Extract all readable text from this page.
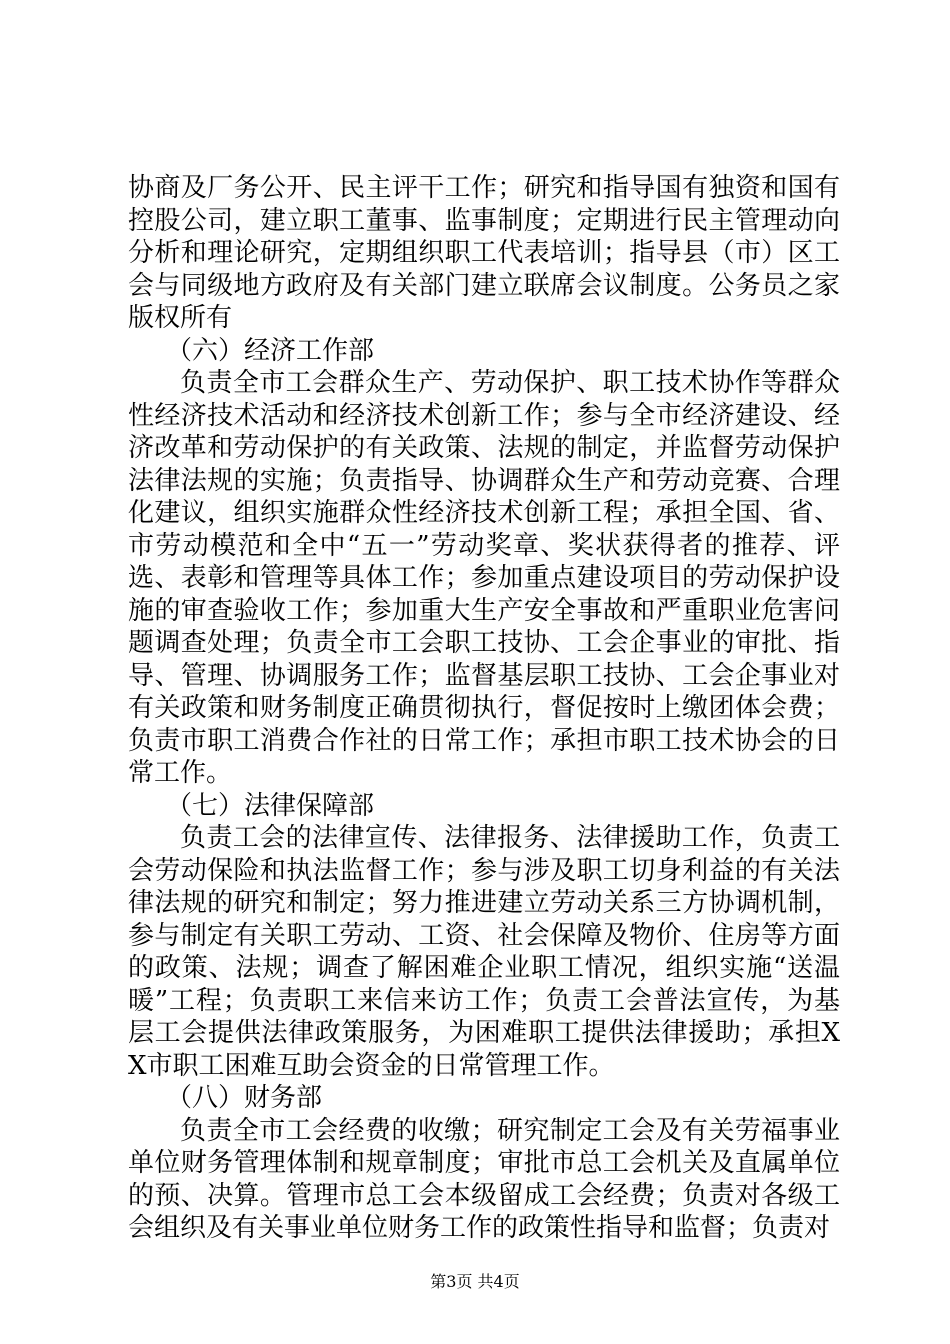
协商及厂务公开、民主评干工作；研究和指导国有独资和国有控股公司，建立职工董事、监事制度；定期进行民主管理动向分析和理论研究，定期组织职工代表培训；指导县（市）区工会与同级地方政府及有关部门建立联席会议制度。公务员之家版权所有

（六）经济工作部

负责全市工会群众生产、劳动保护、职工技术协作等群众性经济技术活动和经济技术创新工作；参与全市经济建设、经济改革和劳动保护的有关政策、法规的制定，并监督劳动保护法律法规的实施；负责指导、协调群众生产和劳动竞赛、合理化建议，组织实施群众性经济技术创新工程；承担全国、省、市劳动模范和全中“五一”劳动奖章、奖状获得者的推荐、评选、表彰和管理等具体工作；参加重点建设项目的劳动保护设施的审查验收工作；参加重大生产安全事故和严重职业危害问题调查处理；负责全市工会职工技协、工会企事业的审批、指导、管理、协调服务工作；监督基层职工技协、工会企事业对有关政策和财务制度正确贯彻执行，督促按时上缴团体会费；负责市职工消费合作社的日常工作；承担市职工技术协会的日常工作。

（七）法律保障部

负责工会的法律宣传、法律报务、法律援助工作，负责工会劳动保险和执法监督工作；参与涉及职工切身利益的有关法律法规的研究和制定；努力推进建立劳动关系三方协调机制，参与制定有关职工劳动、工资、社会保障及物价、住房等方面的政策、法规；调查了解困难企业职工情况，组织实施“送温暖”工程；负责职工来信来访工作；负责工会普法宣传，为基层工会提供法律政策服务，为困难职工提供法律援助；承担XX市职工困难互助会资金的日常管理工作。

（八）财务部

负责全市工会经费的收缴；研究制定工会及有关劳福事业单位财务管理体制和规章制度；审批市总工会机关及直属单位的预、决算。管理市总工会本级留成工会经费；负责对各级工会组织及有关事业单位财务工作的政策性指导和监督；负责对

第3页 共4页
